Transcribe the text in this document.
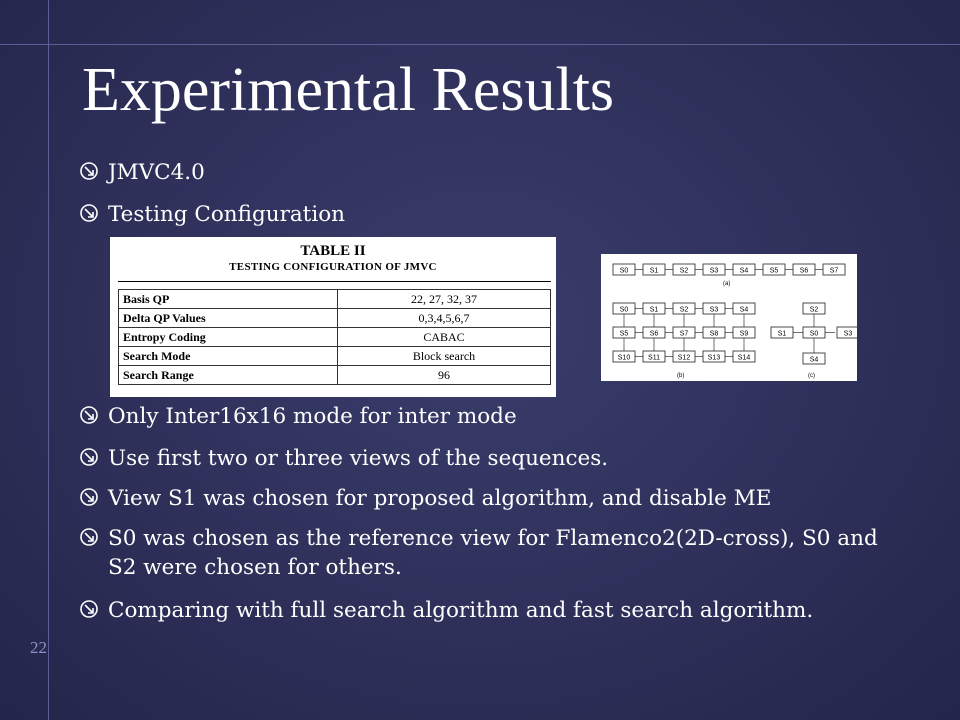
Experimental Results
JMVC4.0
Testing Configuration
TABLE II
TESTING CONFIGURATION OF JMVC
Basis QP	22, 27, 32, 37
Delta QP Values	0,3,4,5,6,7
Entropy Coding	CABAC
Search Mode	Block search
Search Range	96
S0	S1	S2	S3	S4	S5	S6	S7
(a)
S0	S1	S2	S3	S4
S5	S6	S7	S8	S9
S10	S11	S12	S13	S14
(b)
S2
S1	S0	S3
S4
(c)
Only Inter16x16 mode for inter mode
Use first two or three views of the sequences.
View S1 was chosen for proposed algorithm, and disable ME
S0 was chosen as the reference view for Flamenco2(2D-cross), S0 and S2 were chosen for others.
Comparing with full search algorithm and fast search algorithm.
22
